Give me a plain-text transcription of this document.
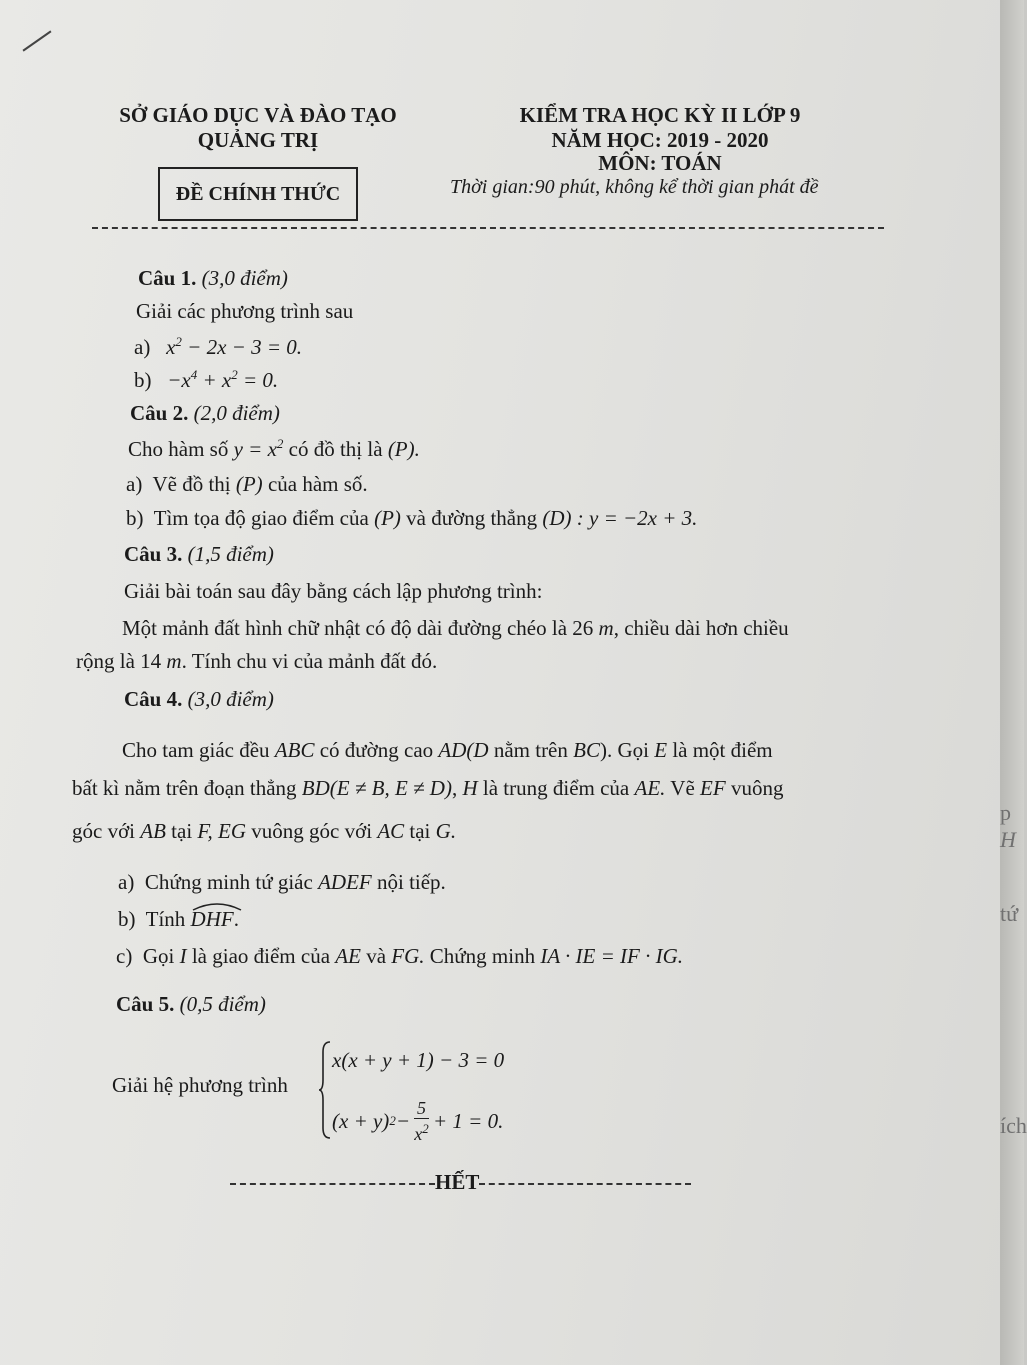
SỞ GIÁO DỤC VÀ ĐÀO TẠO
QUẢNG TRỊ
ĐỀ CHÍNH THỨC
KIỂM TRA HỌC KỲ II LỚP 9
NĂM HỌC: 2019 - 2020
MÔN: TOÁN
Thời gian:90 phút, không kể thời gian phát đề
Câu 1. (3,0 điểm)
Giải các phương trình sau
a) $x^2 - 2x - 3 = 0$.
$b) -x^4 + x^2 = 0$.
Câu 2. (2,0 điểm)
Cho hàm số $y = x^2$ có đồ thị là (P).
a) Vẽ đồ thị (P) của hàm số.
b) Tìm tọa độ giao điểm của (P) và đường thẳng (D) : y = −2x + 3.
Câu 3. (1,5 điểm)
Giải bài toán sau đây bằng cách lập phương trình:
Một mảnh đất hình chữ nhật có độ dài đường chéo là 26 m, chiều dài hơn chiều
rộng là 14 m. Tính chu vi của mảnh đất đó.
Câu 4. (3,0 điểm)
Cho tam giác đều ABC có đường cao AD(D nằm trên BC). Gọi E là một điểm
bất kì nằm trên đoạn thẳng BD(E ≠ B, E ≠ D), H là trung điểm của AE. Vẽ EF vuông
góc với AB tại F, EG vuông góc với AC tại G.
a) Chứng minh tứ giác ADEF nội tiếp.
b) Tính
DHF.
c) Gọi I là giao điểm của AE và FG. Chứng minh IA · IE = IF · IG.
Câu 5. (0,5 điểm)
Giải hệ phương trình
x(x + y + 1) − 3 = 0
(x + y) $2 - \frac{5}{x^2} + 1 = 0$ .
HẾT
p
H
tứ
ích
